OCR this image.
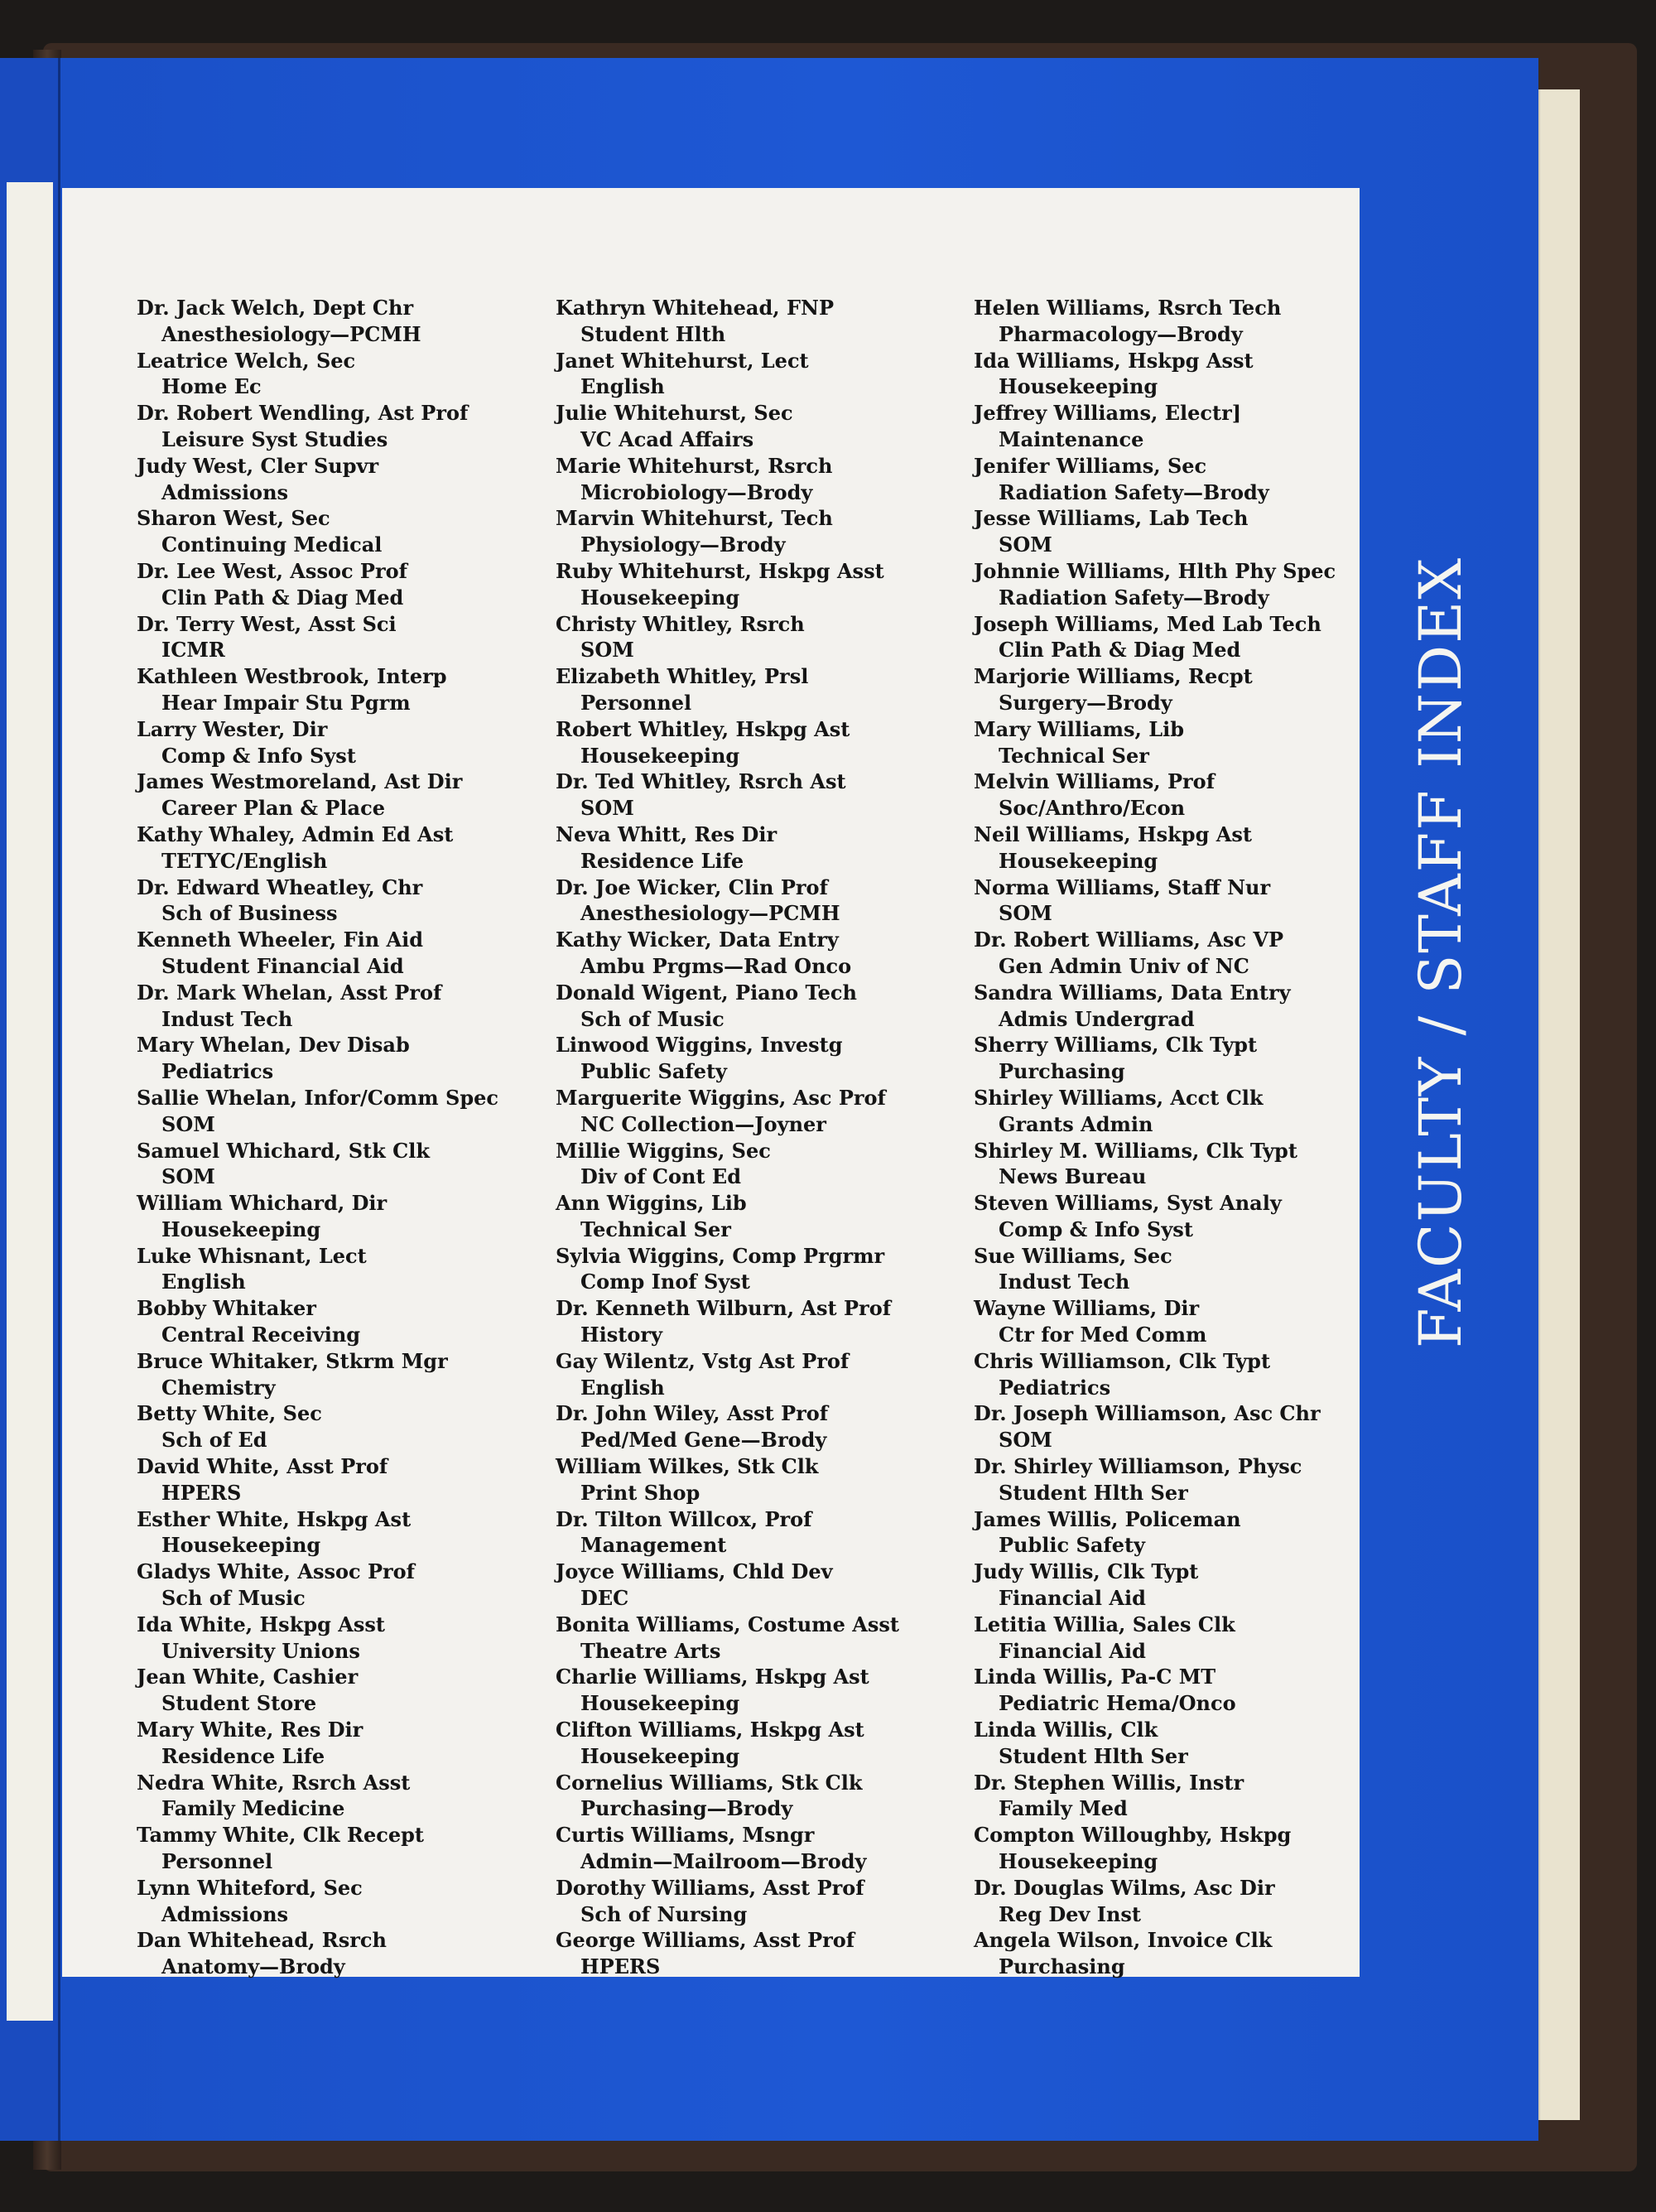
Dr. Jack Welch, Dept Chr
Anesthesiology—PCMH
Leatrice Welch, Sec
Home Ec
Dr. Robert Wendling, Ast Prof
Leisure Syst Studies
Judy West, Cler Supvr
Admissions
Sharon West, Sec
Continuing Medical
Dr. Lee West, Assoc Prof
Clin Path & Diag Med
Dr. Terry West, Asst Sci
ICMR
Kathleen Westbrook, Interp
Hear Impair Stu Pgrm
Larry Wester, Dir
Comp & Info Syst
James Westmoreland, Ast Dir
Career Plan & Place
Kathy Whaley, Admin Ed Ast
TETYC/English
Dr. Edward Wheatley, Chr
Sch of Business
Kenneth Wheeler, Fin Aid
Student Financial Aid
Dr. Mark Whelan, Asst Prof
Indust Tech
Mary Whelan, Dev Disab
Pediatrics
Sallie Whelan, Infor/Comm Spec
SOM
Samuel Whichard, Stk Clk
SOM
William Whichard, Dir
Housekeeping
Luke Whisnant, Lect
English
Bobby Whitaker
Central Receiving
Bruce Whitaker, Stkrm Mgr
Chemistry
Betty White, Sec
Sch of Ed
David White, Asst Prof
HPERS
Esther White, Hskpg Ast
Housekeeping
Gladys White, Assoc Prof
Sch of Music
Ida White, Hskpg Asst
University Unions
Jean White, Cashier
Student Store
Mary White, Res Dir
Residence Life
Nedra White, Rsrch Asst
Family Medicine
Tammy White, Clk Recept
Personnel
Lynn Whiteford, Sec
Admissions
Dan Whitehead, Rsrch
Anatomy—Brody
Kathryn Whitehead, FNP
Student Hlth
Janet Whitehurst, Lect
English
Julie Whitehurst, Sec
VC Acad Affairs
Marie Whitehurst, Rsrch
Microbiology—Brody
Marvin Whitehurst, Tech
Physiology—Brody
Ruby Whitehurst, Hskpg Asst
Housekeeping
Christy Whitley, Rsrch
SOM
Elizabeth Whitley, Prsl
Personnel
Robert Whitley, Hskpg Ast
Housekeeping
Dr. Ted Whitley, Rsrch Ast
SOM
Neva Whitt, Res Dir
Residence Life
Dr. Joe Wicker, Clin Prof
Anesthesiology—PCMH
Kathy Wicker, Data Entry
Ambu Prgms—Rad Onco
Donald Wigent, Piano Tech
Sch of Music
Linwood Wiggins, Investg
Public Safety
Marguerite Wiggins, Asc Prof
NC Collection—Joyner
Millie Wiggins, Sec
Div of Cont Ed
Ann Wiggins, Lib
Technical Ser
Sylvia Wiggins, Comp Prgrmr
Comp Inof Syst
Dr. Kenneth Wilburn, Ast Prof
History
Gay Wilentz, Vstg Ast Prof
English
Dr. John Wiley, Asst Prof
Ped/Med Gene—Brody
William Wilkes, Stk Clk
Print Shop
Dr. Tilton Willcox, Prof
Management
Joyce Williams, Chld Dev
DEC
Bonita Williams, Costume Asst
Theatre Arts
Charlie Williams, Hskpg Ast
Housekeeping
Clifton Williams, Hskpg Ast
Housekeeping
Cornelius Williams, Stk Clk
Purchasing—Brody
Curtis Williams, Msngr
Admin—Mailroom—Brody
Dorothy Williams, Asst Prof
Sch of Nursing
George Williams, Asst Prof
HPERS
Helen Williams, Rsrch Tech
Pharmacology—Brody
Ida Williams, Hskpg Asst
Housekeeping
Jeffrey Williams, Electr]
Maintenance
Jenifer Williams, Sec
Radiation Safety—Brody
Jesse Williams, Lab Tech
SOM
Johnnie Williams, Hlth Phy Spec
Radiation Safety—Brody
Joseph Williams, Med Lab Tech
Clin Path & Diag Med
Marjorie Williams, Recpt
Surgery—Brody
Mary Williams, Lib
Technical Ser
Melvin Williams, Prof
Soc/Anthro/Econ
Neil Williams, Hskpg Ast
Housekeeping
Norma Williams, Staff Nur
SOM
Dr. Robert Williams, Asc VP
Gen Admin Univ of NC
Sandra Williams, Data Entry
Admis Undergrad
Sherry Williams, Clk Typt
Purchasing
Shirley Williams, Acct Clk
Grants Admin
Shirley M. Williams, Clk Typt
News Bureau
Steven Williams, Syst Analy
Comp & Info Syst
Sue Williams, Sec
Indust Tech
Wayne Williams, Dir
Ctr for Med Comm
Chris Williamson, Clk Typt
Pediatrics
Dr. Joseph Williamson, Asc Chr
SOM
Dr. Shirley Williamson, Physc
Student Hlth Ser
James Willis, Policeman
Public Safety
Judy Willis, Clk Typt
Financial Aid
Letitia Willia, Sales Clk
Financial Aid
Linda Willis, Pa-C MT
Pediatric Hema/Onco
Linda Willis, Clk
Student Hlth Ser
Dr. Stephen Willis, Instr
Family Med
Compton Willoughby, Hskpg
Housekeeping
Dr. Douglas Wilms, Asc Dir
Reg Dev Inst
Angela Wilson, Invoice Clk
Purchasing
FACULTY / STAFF INDEX
